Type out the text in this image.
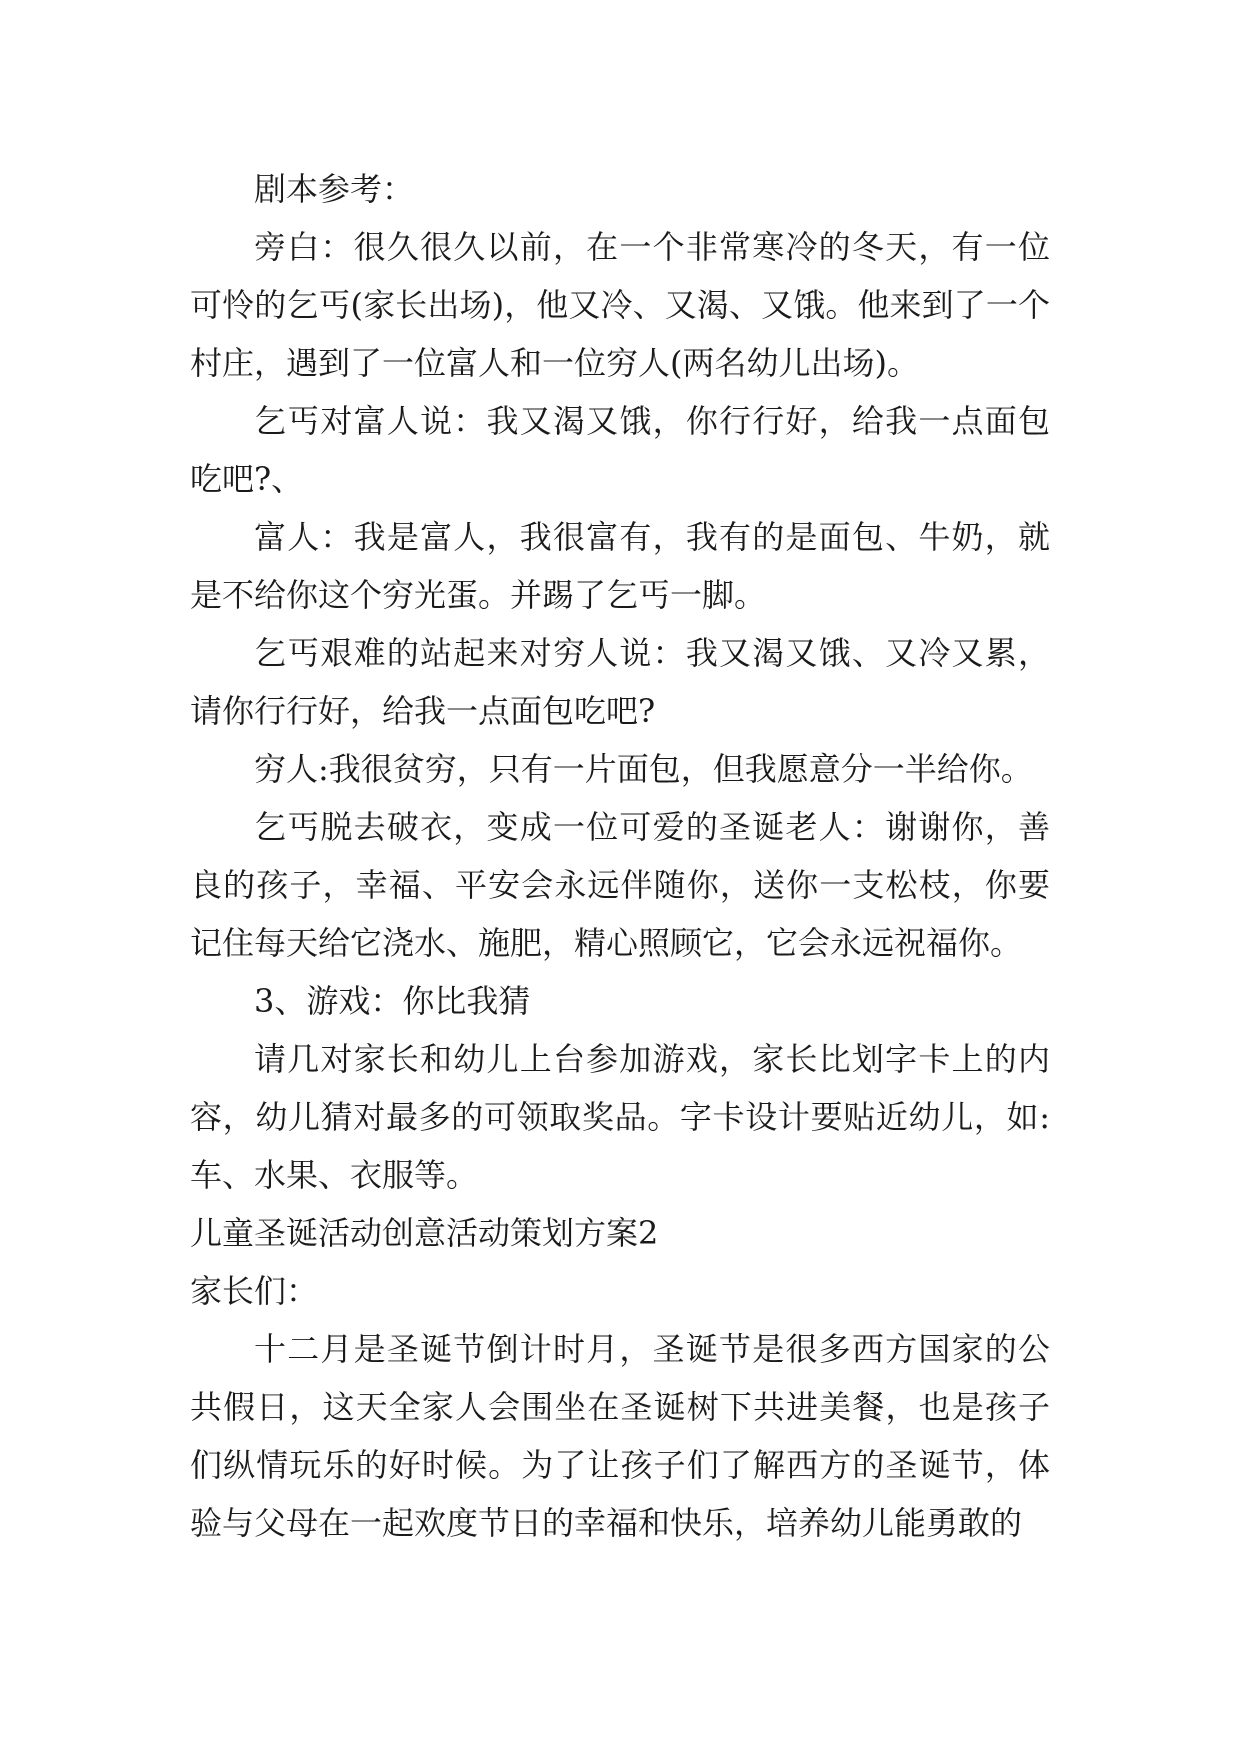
剧本参考：

旁白：很久很久以前，在一个非常寒冷的冬天，有一位可怜的乞丐(家长出场)，他又冷、又渴、又饿。他来到了一个村庄，遇到了一位富人和一位穷人(两名幼儿出场)。

乞丐对富人说：我又渴又饿，你行行好，给我一点面包吃吧?、

富人：我是富人，我很富有，我有的是面包、牛奶，就是不给你这个穷光蛋。并踢了乞丐一脚。

乞丐艰难的站起来对穷人说：我又渴又饿、又冷又累，请你行行好，给我一点面包吃吧?

穷人:我很贫穷，只有一片面包，但我愿意分一半给你。

乞丐脱去破衣，变成一位可爱的圣诞老人：谢谢你，善良的孩子，幸福、平安会永远伴随你，送你一支松枝，你要记住每天给它浇水、施肥，精心照顾它，它会永远祝福你。

3、游戏：你比我猜

请几对家长和幼儿上台参加游戏，家长比划字卡上的内容，幼儿猜对最多的可领取奖品。字卡设计要贴近幼儿，如:车、水果、衣服等。

儿童圣诞活动创意活动策划方案2

家长们：

十二月是圣诞节倒计时月，圣诞节是很多西方国家的公共假日，这天全家人会围坐在圣诞树下共进美餐，也是孩子们纵情玩乐的好时候。为了让孩子们了解西方的圣诞节，体验与父母在一起欢度节日的幸福和快乐，培养幼儿能勇敢的
